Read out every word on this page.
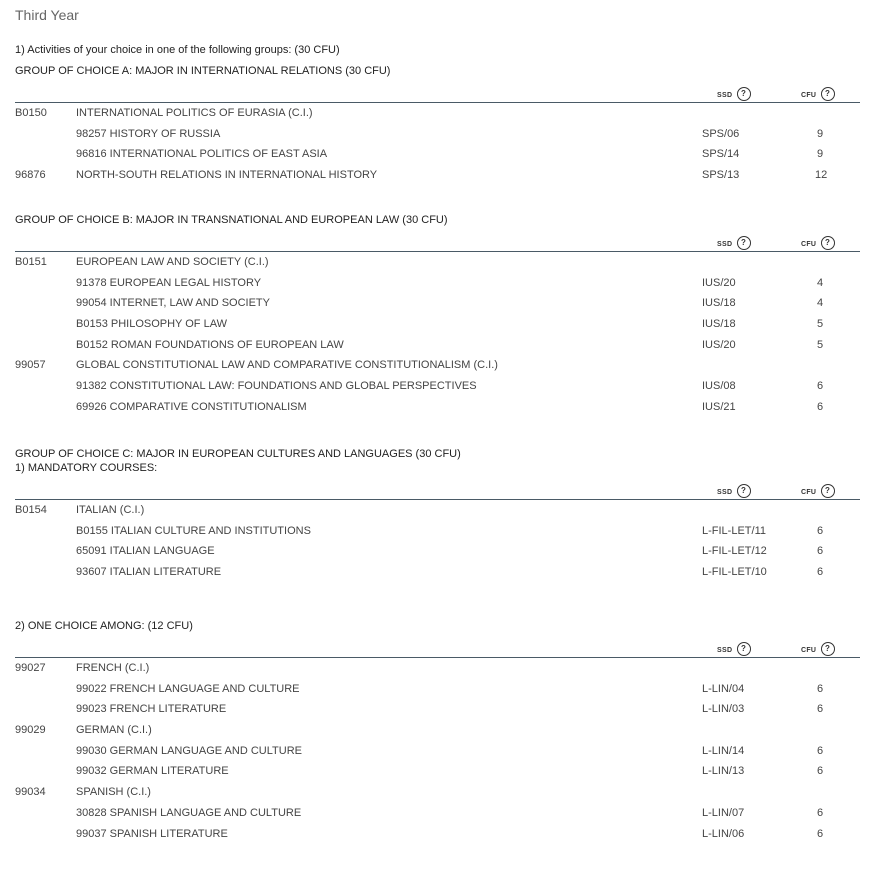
Third Year
1) Activities of your choice in one of the following groups: (30 CFU)
GROUP OF CHOICE A: MAJOR IN INTERNATIONAL RELATIONS (30 CFU)
SSD ?	CFU ?
B0150	INTERNATIONAL POLITICS OF EURASIA (C.I.)
98257 HISTORY OF RUSSIA	SPS/06	9
96816 INTERNATIONAL POLITICS OF EAST ASIA	SPS/14	9
96876	NORTH-SOUTH RELATIONS IN INTERNATIONAL HISTORY	SPS/13	12
GROUP OF CHOICE B: MAJOR IN TRANSNATIONAL AND EUROPEAN LAW (30 CFU)
SSD ?	CFU ?
B0151	EUROPEAN LAW AND SOCIETY (C.I.)
91378 EUROPEAN LEGAL HISTORY	IUS/20	4
99054 INTERNET, LAW AND SOCIETY	IUS/18	4
B0153 PHILOSOPHY OF LAW	IUS/18	5
B0152 ROMAN FOUNDATIONS OF EUROPEAN LAW	IUS/20	5
99057	GLOBAL CONSTITUTIONAL LAW AND COMPARATIVE CONSTITUTIONALISM (C.I.)
91382 CONSTITUTIONAL LAW: FOUNDATIONS AND GLOBAL PERSPECTIVES	IUS/08	6
69926 COMPARATIVE CONSTITUTIONALISM	IUS/21	6
GROUP OF CHOICE C: MAJOR IN EUROPEAN CULTURES AND LANGUAGES (30 CFU)
1) MANDATORY COURSES:
SSD ?	CFU ?
B0154	ITALIAN (C.I.)
B0155 ITALIAN CULTURE AND INSTITUTIONS	L-FIL-LET/11	6
65091 ITALIAN LANGUAGE	L-FIL-LET/12	6
93607 ITALIAN LITERATURE	L-FIL-LET/10	6
2) ONE CHOICE AMONG: (12 CFU)
SSD ?	CFU ?
99027	FRENCH (C.I.)
99022 FRENCH LANGUAGE AND CULTURE	L-LIN/04	6
99023 FRENCH LITERATURE	L-LIN/03	6
99029	GERMAN (C.I.)
99030 GERMAN LANGUAGE AND CULTURE	L-LIN/14	6
99032 GERMAN LITERATURE	L-LIN/13	6
99034	SPANISH (C.I.)
30828 SPANISH LANGUAGE AND CULTURE	L-LIN/07	6
99037 SPANISH LITERATURE	L-LIN/06	6
